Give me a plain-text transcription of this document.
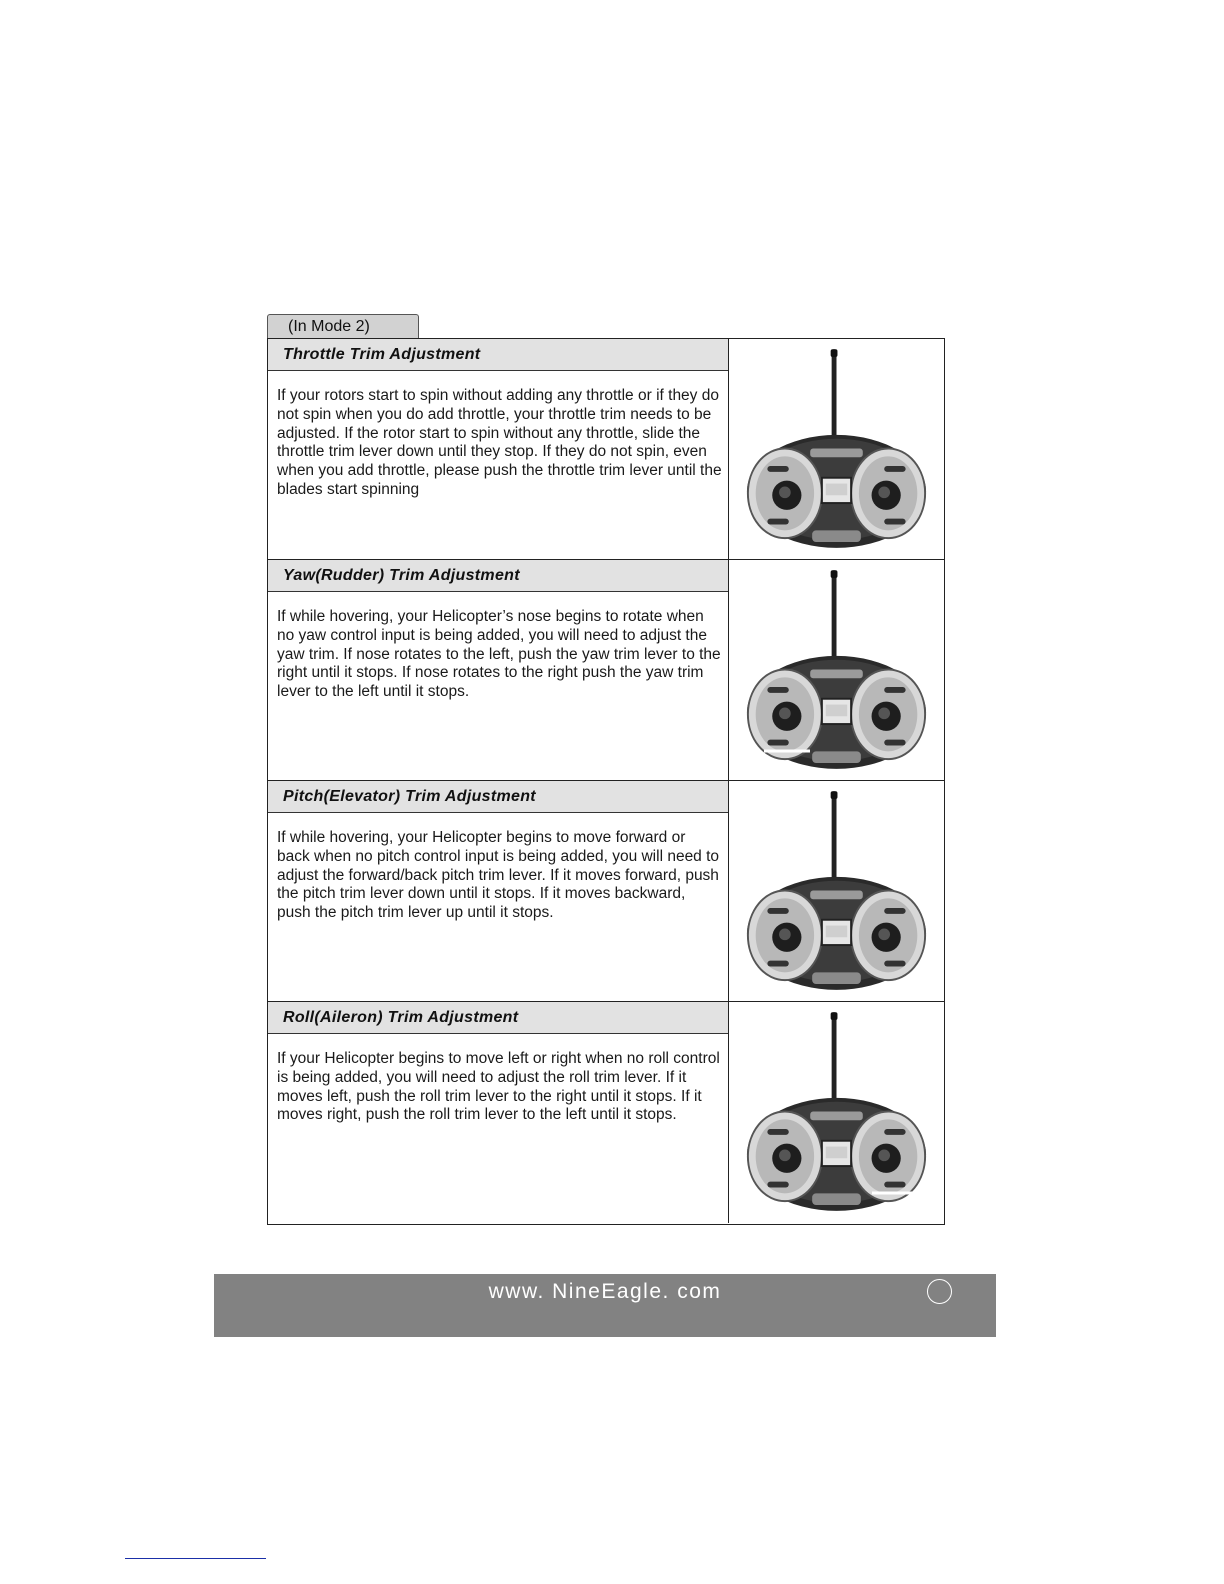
(In Mode 2)
Throttle Trim Adjustment
If your rotors start to spin without adding any throttle or if they do not spin when you do add throttle, your throttle trim needs to be adjusted. If the rotor start to spin without any throttle, slide the throttle trim lever down until they stop. If they do not spin, even when you add throttle, please push the throttle trim lever until the blades start spinning
Yaw(Rudder) Trim Adjustment
If while hovering, your Helicopter’s nose begins to rotate when no yaw control input is being added, you will need to adjust the yaw trim. If nose rotates to the left, push the yaw trim lever to the right until it stops. If nose rotates to the right push the yaw trim lever to the left until it stops.
Pitch(Elevator) Trim Adjustment
If while hovering, your Helicopter begins to move forward or back when no pitch control input is being added, you will need to adjust the forward/back pitch trim lever. If it moves forward, push the pitch trim lever down until it stops. If it moves backward, push the pitch trim lever up until it stops.
Roll(Aileron) Trim Adjustment
If your Helicopter begins to move left or right when no roll control is being added, you will need to adjust the roll trim lever. If it moves left, push the roll trim lever to the right until it stops. If it moves right, push the roll trim lever to the left until it stops.
www. NineEagle. com
